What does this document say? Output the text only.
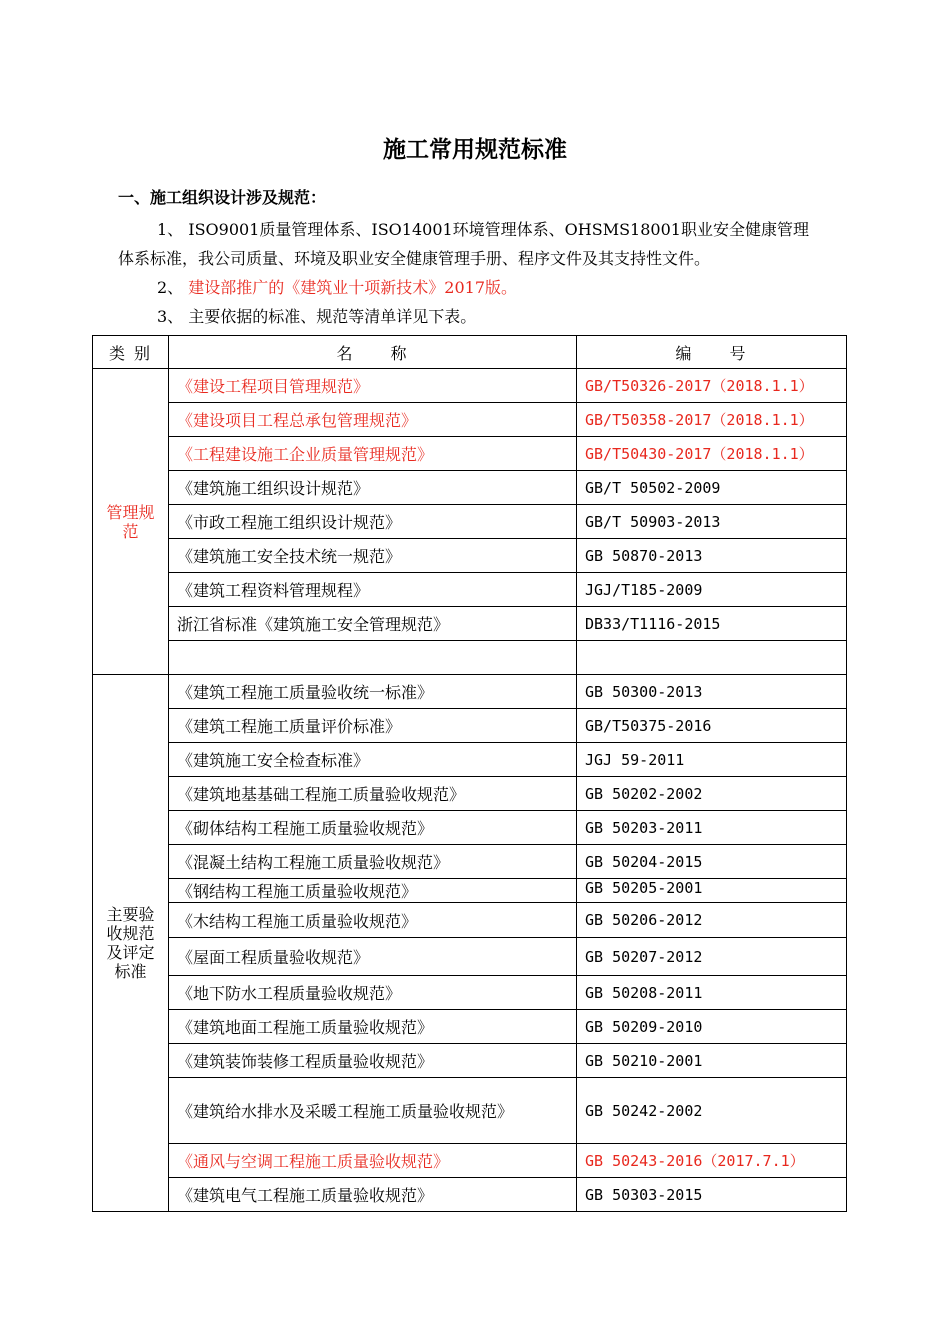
施工常用规范标准
一、施工组织设计涉及规范：
1、 ISO9001质量管理体系、ISO14001环境管理体系、OHSMS18001职业安全健康管理
体系标准，我公司质量、环境及职业安全健康管理手册、程序文件及其支持性文件。
2、 建设部推广的《建筑业十项新技术》2017版。
3、 主要依据的标准、规范等清单详见下表。
类 别	名　　称	编　　号
管理规范	《建设工程项目管理规范》	GB/T50326-2017（2018.1.1）
	《建设项目工程总承包管理规范》	GB/T50358-2017（2018.1.1）
	《工程建设施工企业质量管理规范》	GB/T50430-2017（2018.1.1）
	《建筑施工组织设计规范》	GB/T 50502-2009
	《市政工程施工组织设计规范》	GB/T 50903-2013
	《建筑施工安全技术统一规范》	GB 50870-2013
	《建筑工程资料管理规程》	JGJ/T185-2009
	浙江省标准《建筑施工安全管理规范》	DB33/T1116-2015

主要验收规范及评定标准	《建筑工程施工质量验收统一标准》	GB 50300-2013
	《建筑工程施工质量评价标准》	GB/T50375-2016
	《建筑施工安全检查标准》	JGJ 59-2011
	《建筑地基基础工程施工质量验收规范》	GB 50202-2002
	《砌体结构工程施工质量验收规范》	GB 50203-2011
	《混凝土结构工程施工质量验收规范》	GB 50204-2015
	《钢结构工程施工质量验收规范》	GB 50205-2001
	《木结构工程施工质量验收规范》	GB 50206-2012
	《屋面工程质量验收规范》	GB 50207-2012
	《地下防水工程质量验收规范》	GB 50208-2011
	《建筑地面工程施工质量验收规范》	GB 50209-2010
	《建筑装饰装修工程质量验收规范》	GB 50210-2001
	《建筑给水排水及采暖工程施工质量验收规范》	GB 50242-2002
	《通风与空调工程施工质量验收规范》	GB 50243-2016（2017.7.1）
	《建筑电气工程施工质量验收规范》	GB 50303-2015
